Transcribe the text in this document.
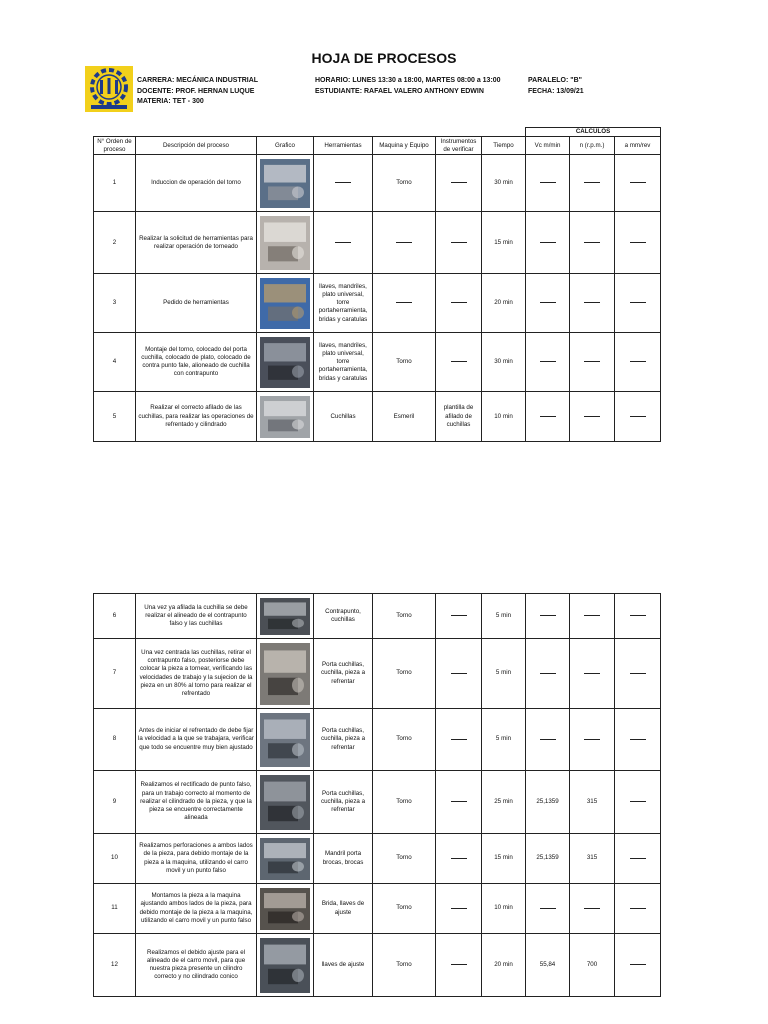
HOJA DE PROCESOS
CARRERA: MECÁNICA INDUSTRIAL
DOCENTE: PROF. HERNAN LUQUE
MATERIA: TET - 300
HORARIO: LUNES 13:30 a 18:00, MARTES 08:00 a 13:00
ESTUDIANTE: RAFAEL VALERO ANTHONY EDWIN
PARALELO: "B"
FECHA: 13/09/21
							CALCULOS		
N° Orden de proceso	Descripción del proceso	Grafico	Herramientas	Maquina y Equipo	Instrumentos de verificar	Tiempo	Vc m/min	n (r.p.m.)	a mm/rev
1	Induccion de operación del torno			Torno		30 min			
2	Realizar la solicitud de herramientas para realizar operación de torneado					15 min			
3	Pedido de herramientas		llaves, mandriles, plato universal, torre portaherramienta, bridas y caratulas			20 min			
4	Montaje del torno, colocado del porta cuchilla, colocado de plato, colocado de contra punto fale, alioneado de cuchilla con contrapunto		llaves, mandriles, plato universal, torre portaherramienta, bridas y caratulas	Torno		30 min			
5	Realizar el correcto afilado de las cuchillas, para realizar las operaciones de refrentado y cilindrado		Cuchillas	Esmeril	plantilla de afilado de cuchillas	10 min			
6	Una vez ya afilada la cuchilla se debe realizar el alineado de el contrapunto falso y las cuchillas		Contrapunto, cuchillas	Torno		5 min			
7	Una vez centrada las cuchillas, retirar el contrapunto falso, posteriorse debe colocar la pieza a tornear, verificando las velocidades de trabajo y la sujecion de la pieza en un 80% al torno para realizar el refrentado		Porta cuchillas, cuchilla, pieza a refrentar	Torno		5 min			
8	Antes de iniciar el refrentado de debe fijar la velocidad a la que se trabajara, verificar que todo se encuentre muy bien ajustado		Porta cuchillas, cuchilla, pieza a refrentar	Torno		5 min			
9	Realizamos el rectificado de punto falso, para un trabajo correcto al momento de realizar el cilindrado de la pieza, y que la pieza se encuentre correctamente alineada		Porta cuchillas, cuchilla, pieza a refrentar	Torno		25 min	25,1359	315	
10	Realizamos perforaciones a ambos lados de la pieza, para debido montaje de la pieza a la maquina, utilizando el carro movil y un punto falso		Mandril porta brocas, brocas	Torno		15 min	25,1359	315	
11	Montamos la pieza a la maquina ajustando ambos lados de la pieza, para debido montaje de la pieza a la maquina, utilizando el carro movil y un punto falso		Brida, llaves de ajuste	Torno		10 min			
12	Realizamos el debido ajuste para el alineado de el carro movil, para que nuestra pieza presente un cilindro correcto y no cilindrado conico		llaves de ajuste	Torno		20 min	55,84	700	
